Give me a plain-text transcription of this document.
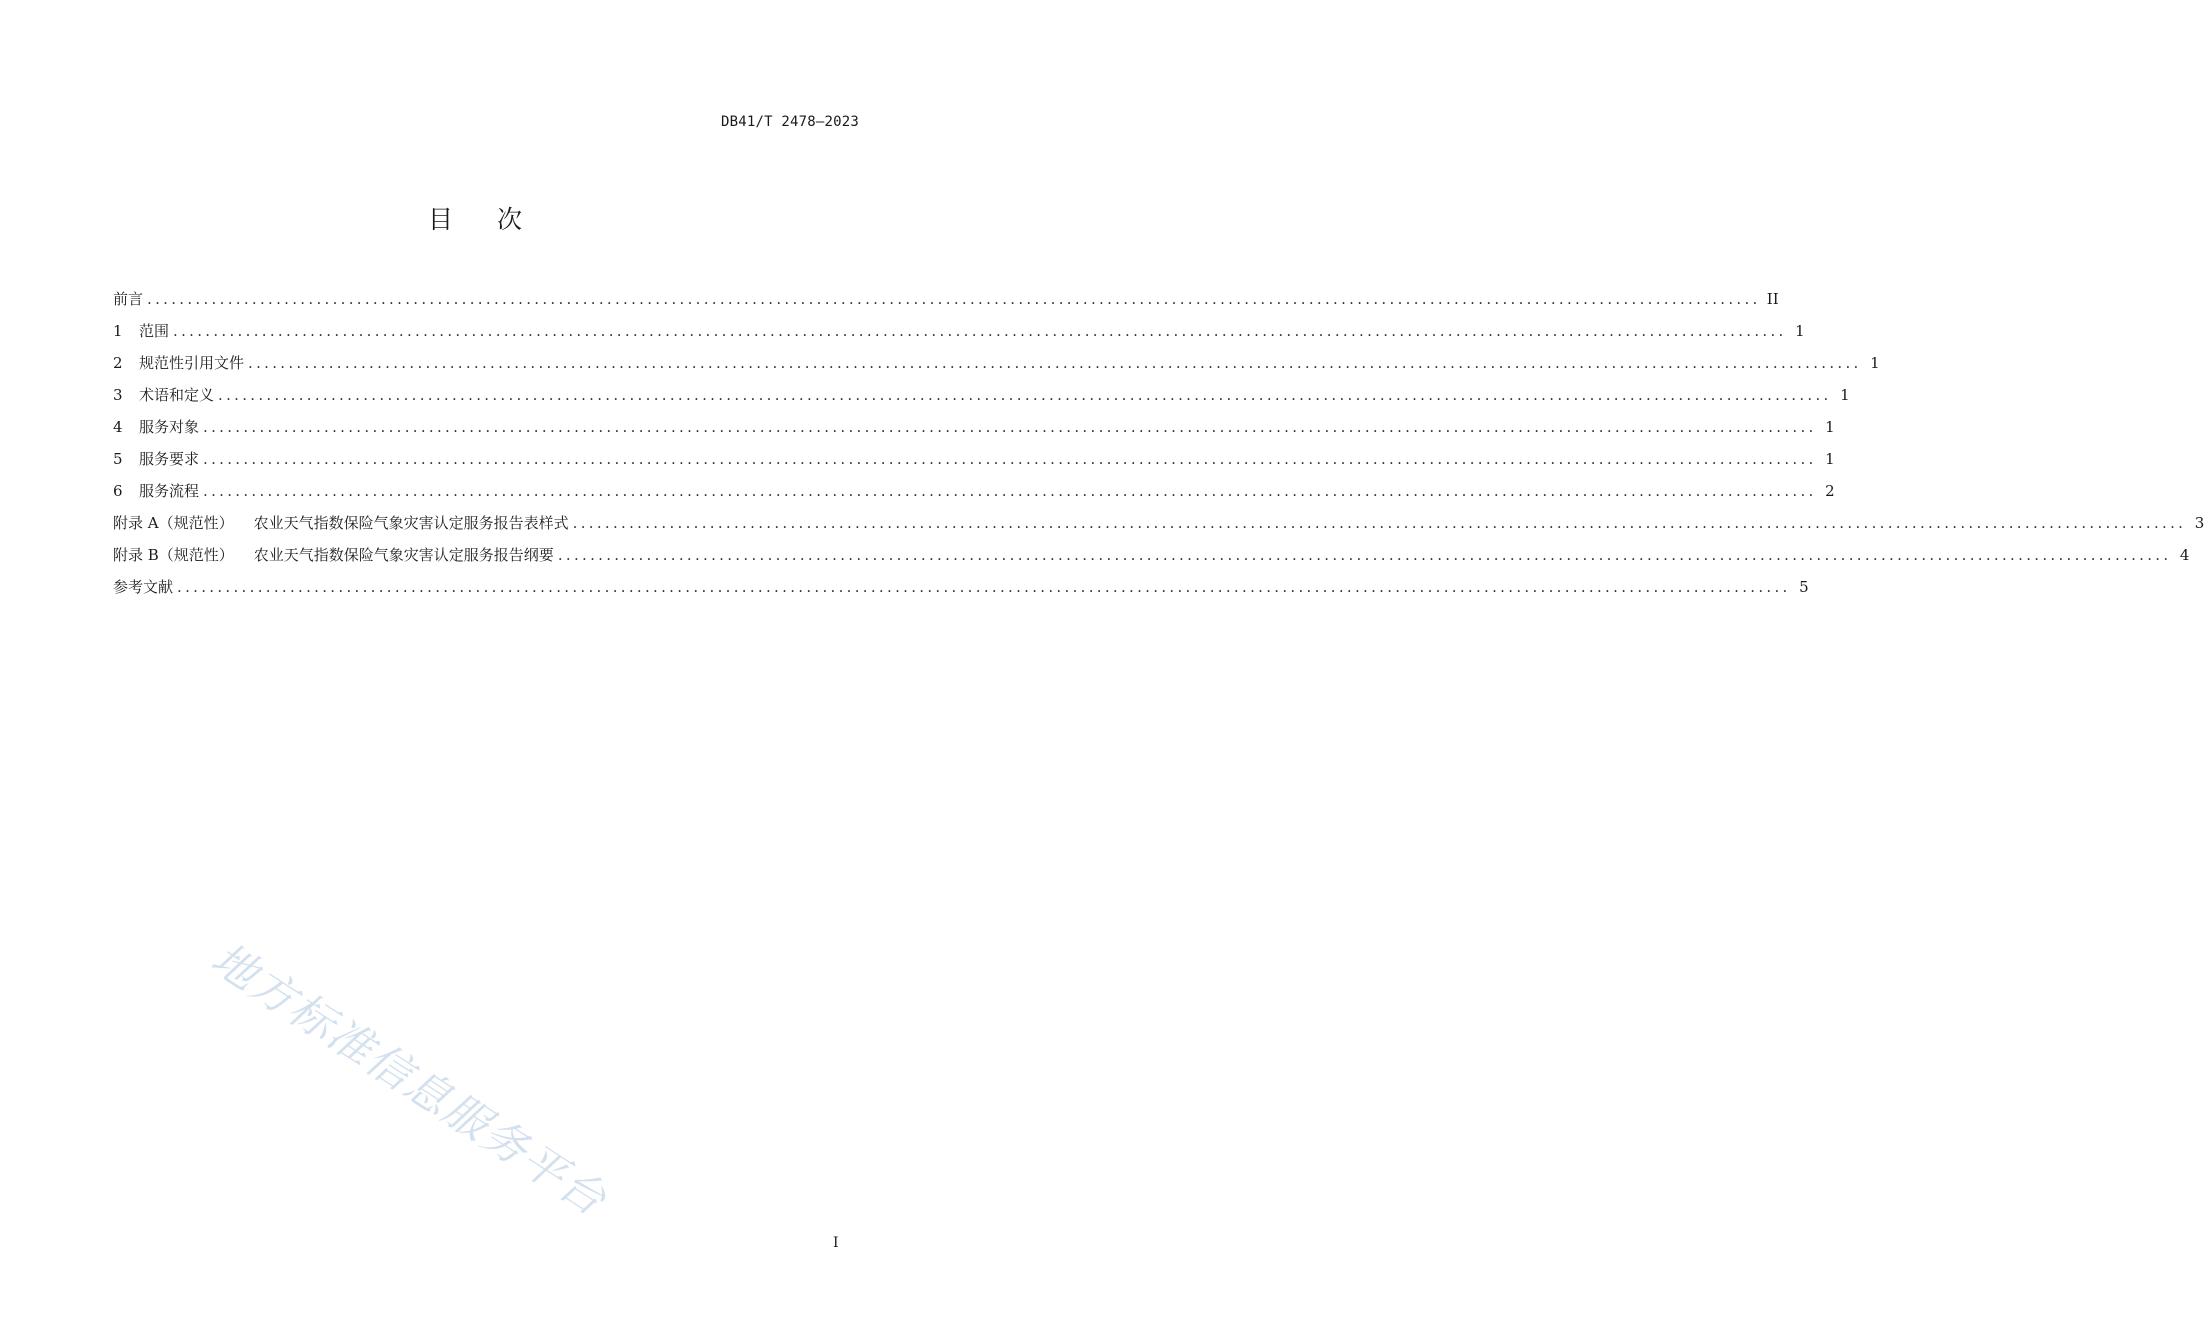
DB41/T 2478—2023
目 次
前言 ........................................................................................................................................................................................................ II
1 范围 ........................................................................................................................................................................................................ 1
2 规范性引用文件 ........................................................................................................................................................................................................ 1
3 术语和定义 ........................................................................................................................................................................................................ 1
4 服务对象 ........................................................................................................................................................................................................ 1
5 服务要求 ........................................................................................................................................................................................................ 1
6 服务流程 ........................................................................................................................................................................................................ 2
附录 A（规范性） 农业天气指数保险气象灾害认定服务报告表样式 ........................................................................................................................................................................................................ 3
附录 B（规范性） 农业天气指数保险气象灾害认定服务报告纲要 ........................................................................................................................................................................................................ 4
参考文献 ........................................................................................................................................................................................................ 5
地方标准信息服务平台
I
